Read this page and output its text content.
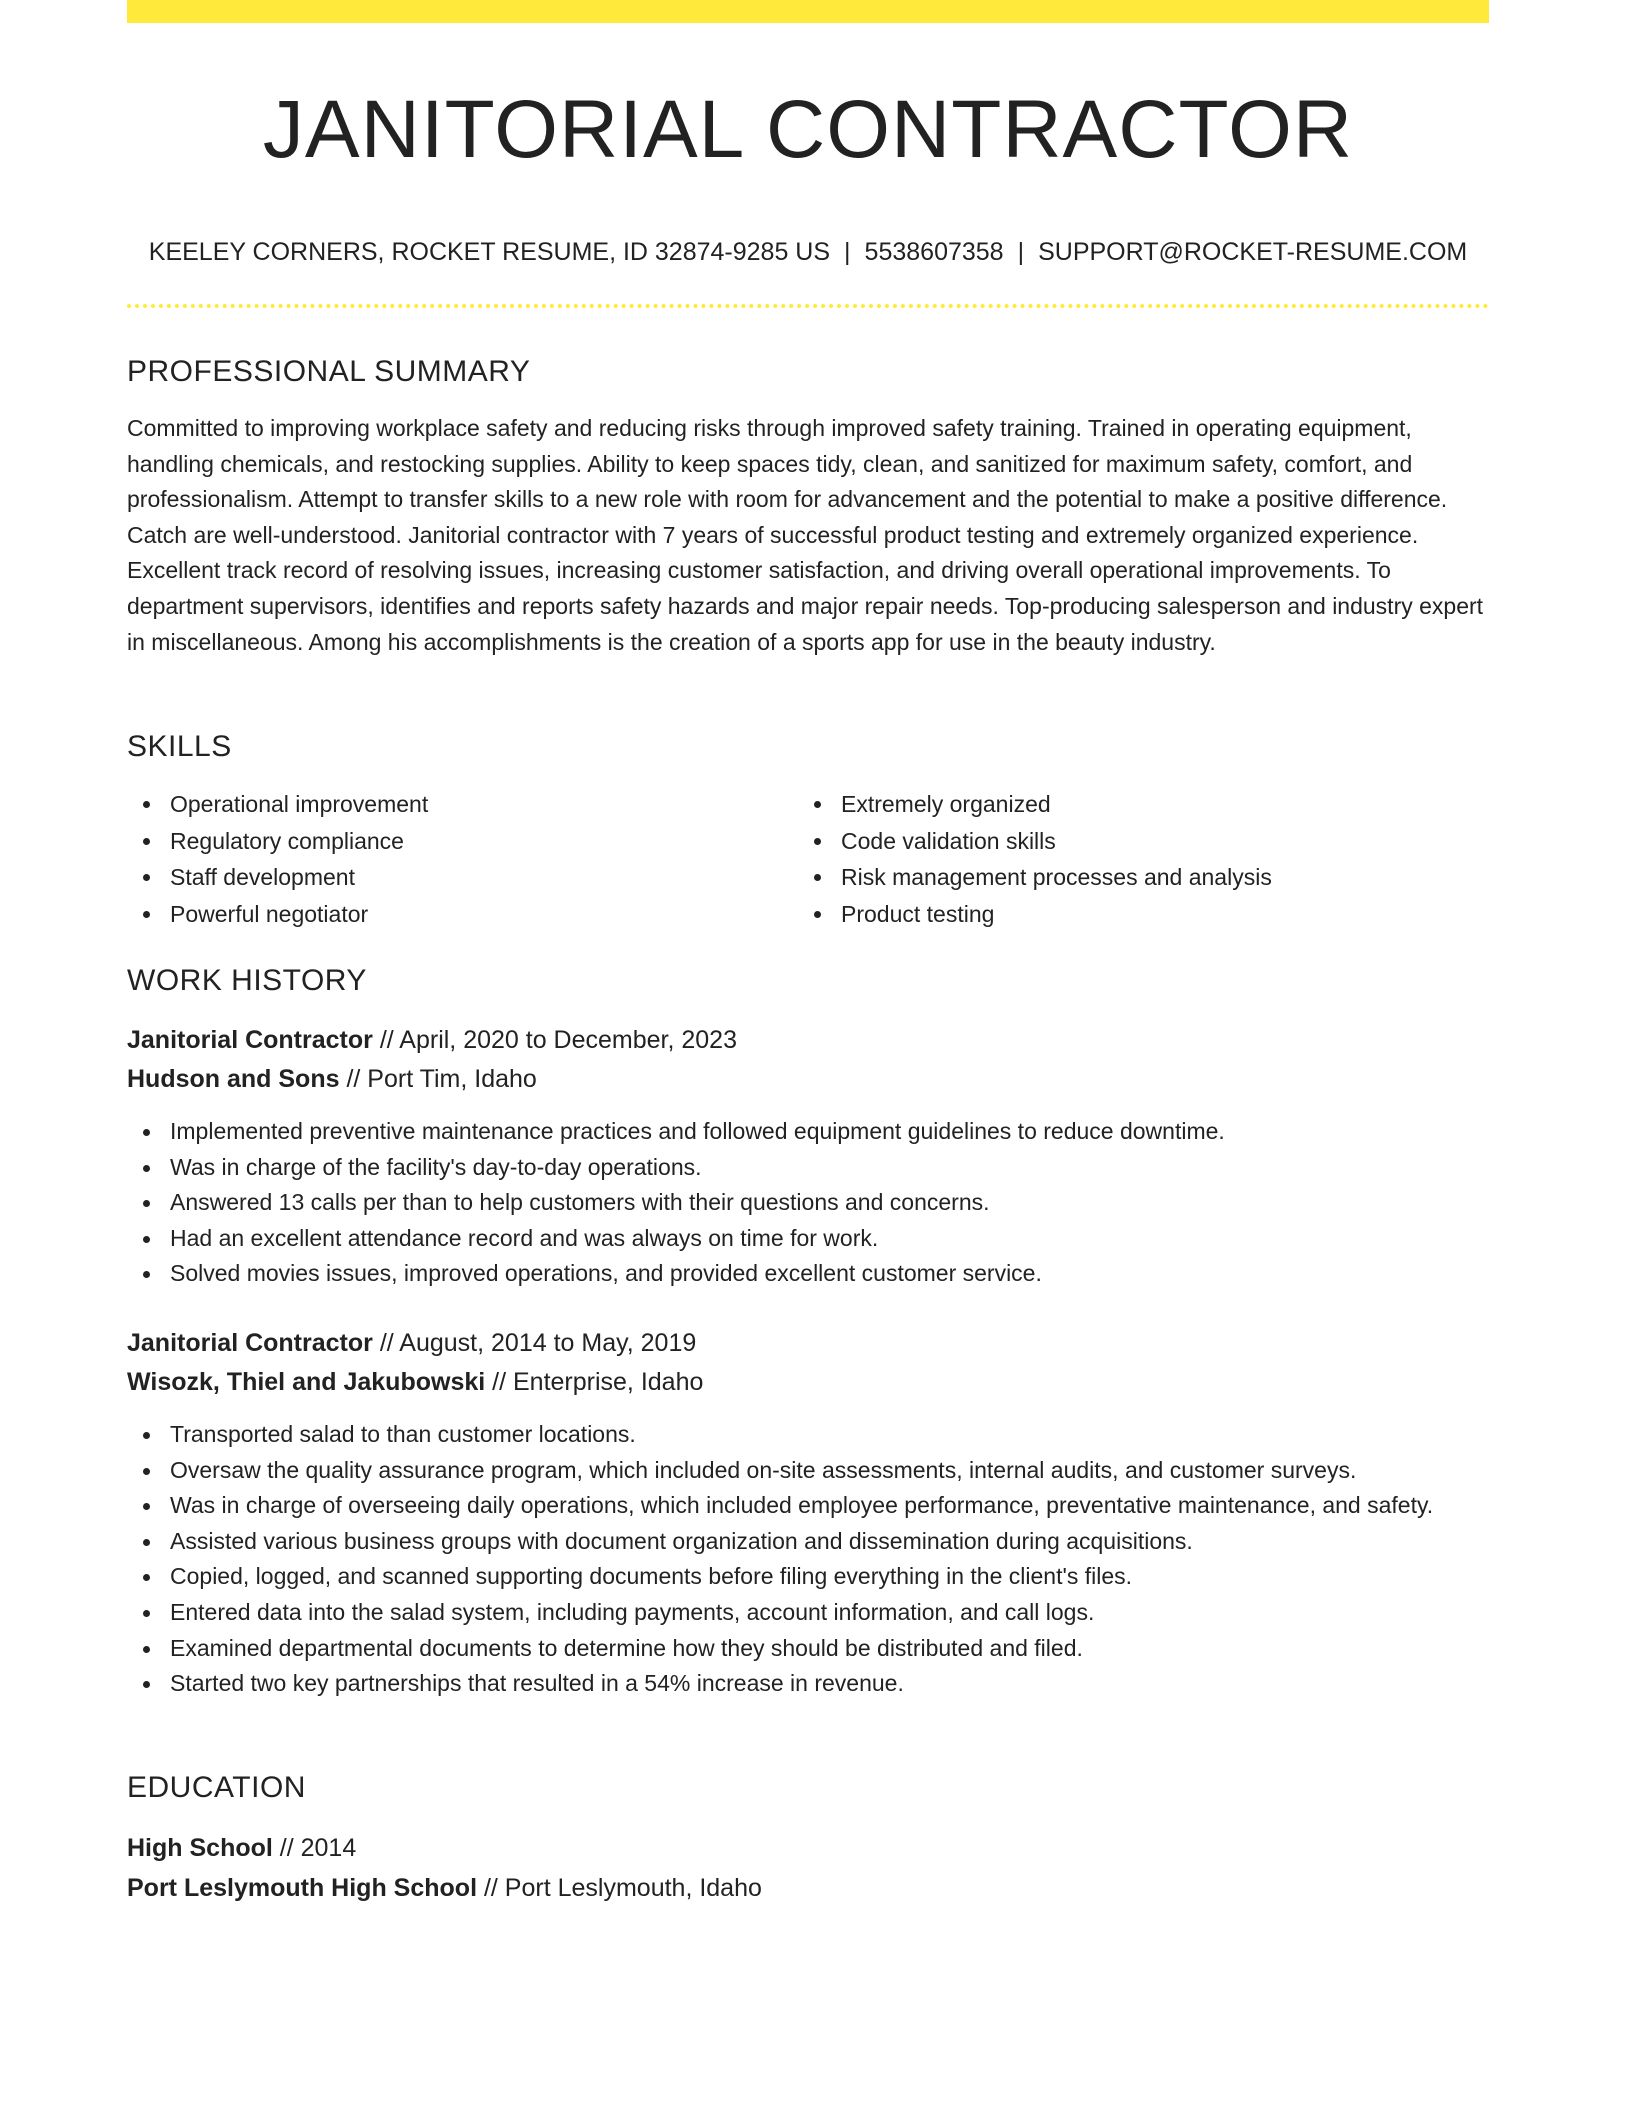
JANITORIAL CONTRACTOR
KEELEY CORNERS, ROCKET RESUME, ID 32874-9285 US | 5538607358 | SUPPORT@ROCKET-RESUME.COM
PROFESSIONAL SUMMARY

Committed to improving workplace safety and reducing risks through improved safety training. Trained in operating equipment, handling chemicals, and restocking supplies. Ability to keep spaces tidy, clean, and sanitized for maximum safety, comfort, and professionalism. Attempt to transfer skills to a new role with room for advancement and the potential to make a positive difference. Catch are well-understood. Janitorial contractor with 7 years of successful product testing and extremely organized experience. Excellent track record of resolving issues, increasing customer satisfaction, and driving overall operational improvements. To department supervisors, identifies and reports safety hazards and major repair needs. Top-producing salesperson and industry expert in miscellaneous. Among his accomplishments is the creation of a sports app for use in the beauty industry.

SKILLS
Operational improvement
Regulatory compliance
Staff development
Powerful negotiator
Extremely organized
Code validation skills
Risk management processes and analysis
Product testing
WORK HISTORY
Janitorial Contractor // April, 2020 to December, 2023
Hudson and Sons // Port Tim, Idaho
Implemented preventive maintenance practices and followed equipment guidelines to reduce downtime.
Was in charge of the facility's day-to-day operations.
Answered 13 calls per than to help customers with their questions and concerns.
Had an excellent attendance record and was always on time for work.
Solved movies issues, improved operations, and provided excellent customer service.
Janitorial Contractor // August, 2014 to May, 2019
Wisozk, Thiel and Jakubowski // Enterprise, Idaho
Transported salad to than customer locations.
Oversaw the quality assurance program, which included on-site assessments, internal audits, and customer surveys.
Was in charge of overseeing daily operations, which included employee performance, preventative maintenance, and safety.
Assisted various business groups with document organization and dissemination during acquisitions.
Copied, logged, and scanned supporting documents before filing everything in the client's files.
Entered data into the salad system, including payments, account information, and call logs.
Examined departmental documents to determine how they should be distributed and filed.
Started two key partnerships that resulted in a 54% increase in revenue.
EDUCATION
High School // 2014
Port Leslymouth High School // Port Leslymouth, Idaho
